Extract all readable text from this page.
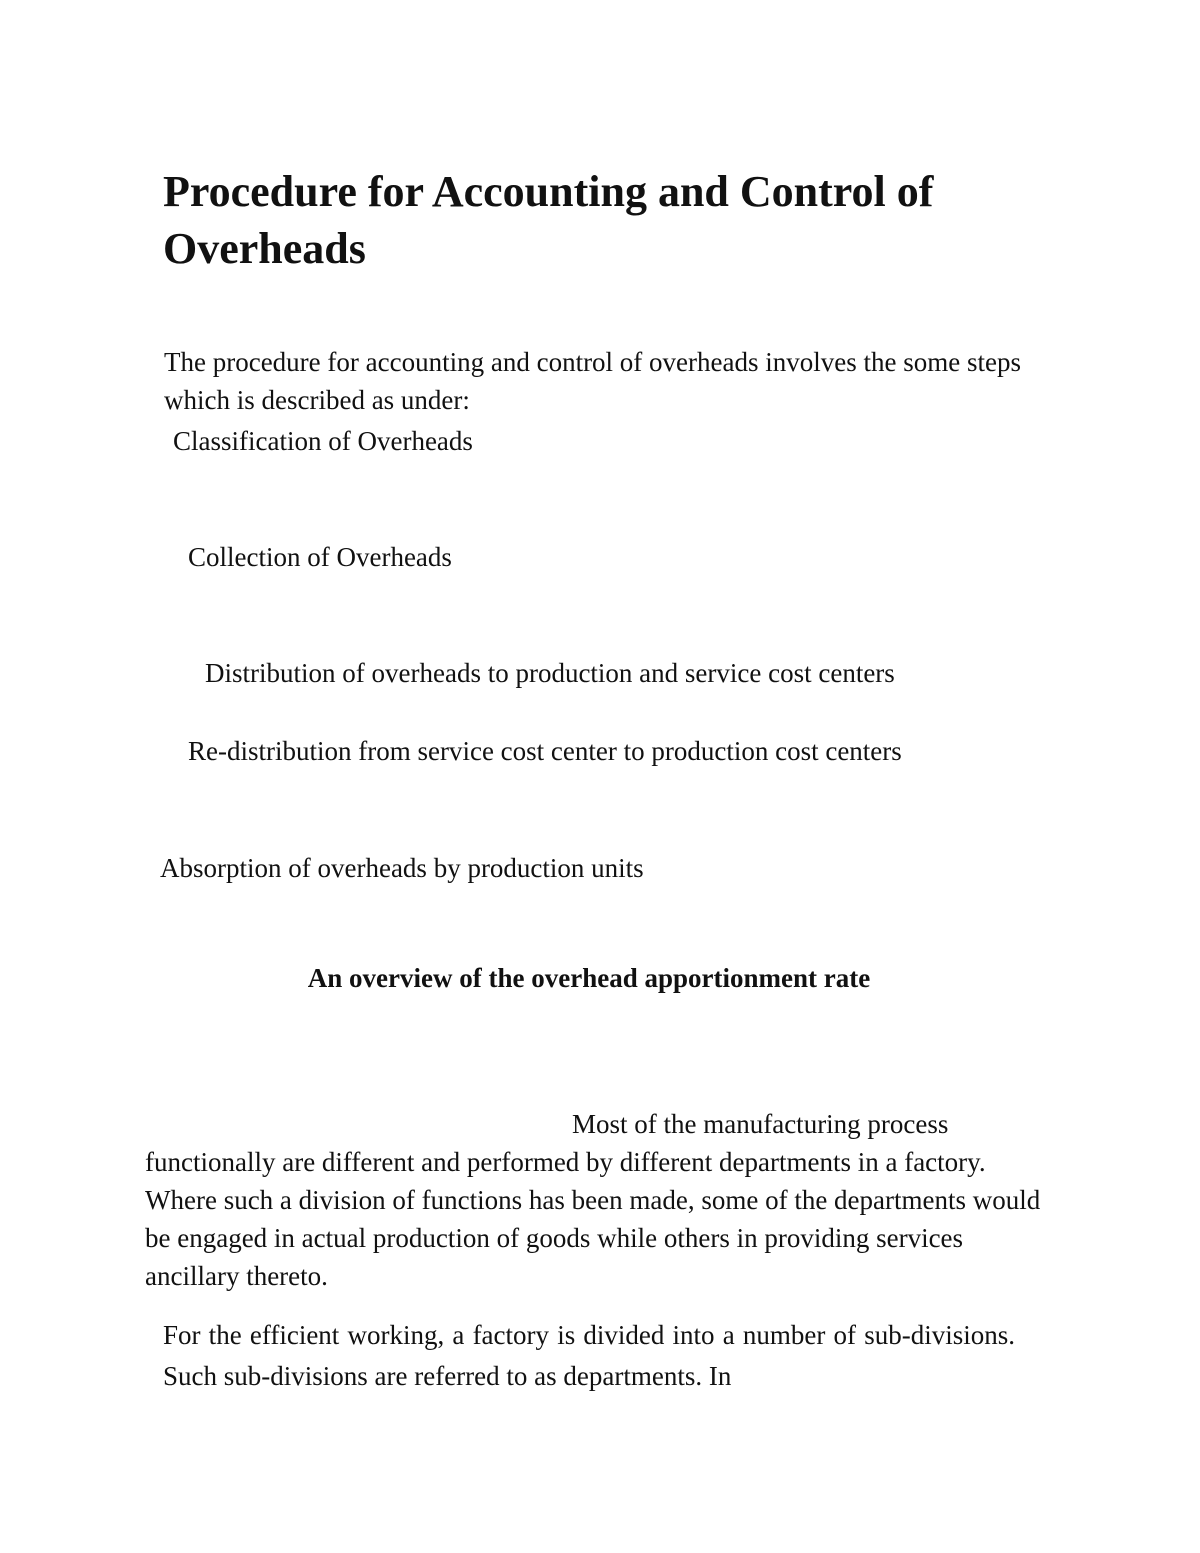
Procedure for Accounting and Control of Overheads

The procedure for accounting and control of overheads involves the some steps which is described as under:

Classification of Overheads

Collection of Overheads

Distribution of overheads to production and service cost centers

Re-distribution from service cost center to production cost centers

Absorption of overheads by production units

An overview of the overhead apportionment rate

Most of the manufacturing process functionally are different and performed by different departments in a factory. Where such a division of functions has been made, some of the departments would be engaged in actual production of goods while others in providing services ancillary thereto.

For the efficient working, a factory is divided into a number of sub-divisions. Such sub-divisions are referred to as departments. In
